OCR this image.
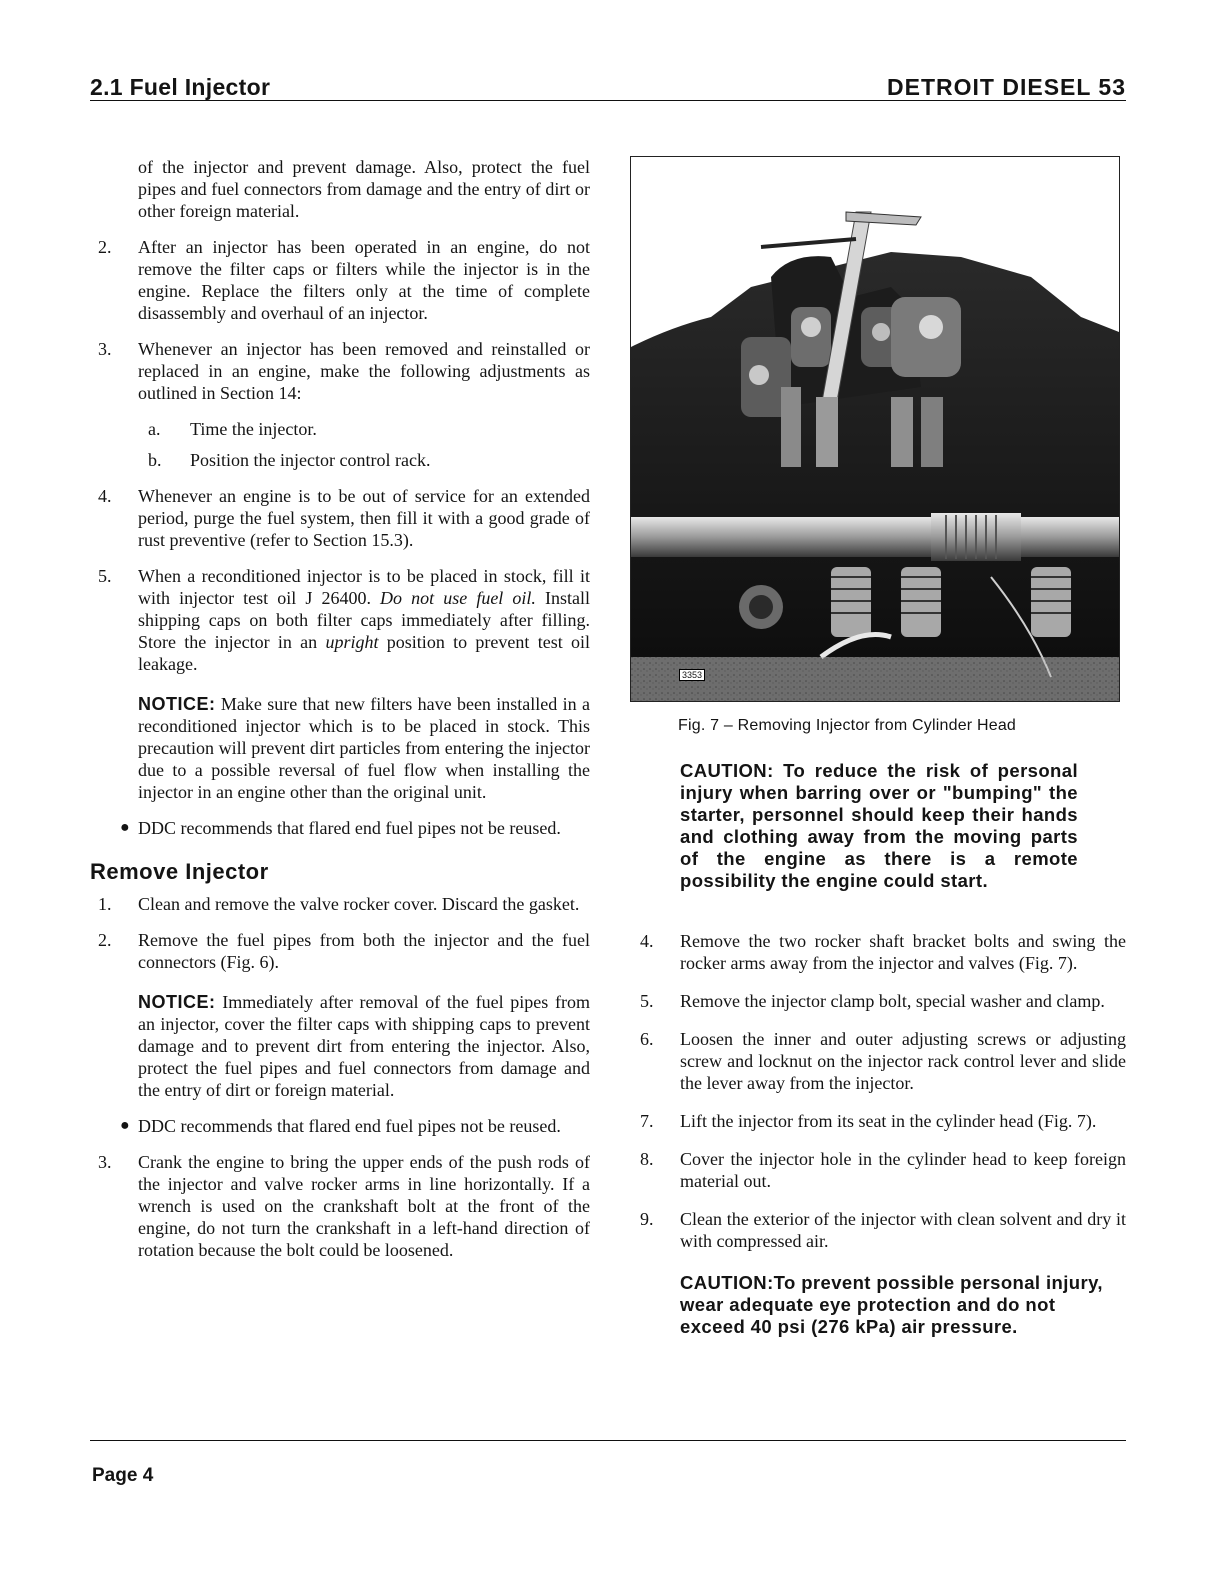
2.1 Fuel Injector	DETROIT DIESEL 53

of the injector and prevent damage. Also, protect the fuel pipes and fuel connectors from damage and the entry of dirt or other foreign material.

2. After an injector has been operated in an engine, do not remove the filter caps or filters while the injector is in the engine. Replace the filters only at the time of complete disassembly and overhaul of an injector.
3. Whenever an injector has been removed and reinstalled or replaced in an engine, make the following adjustments as outlined in Section 14:
a. Time the injector.
b. Position the injector control rack.
4. Whenever an engine is to be out of service for an extended period, purge the fuel system, then fill it with a good grade of rust preventive (refer to Section 15.3).
5. When a reconditioned injector is to be placed in stock, fill it with injector test oil J 26400. Do not use fuel oil. Install shipping caps on both filter caps immediately after filling. Store the injector in an upright position to prevent test oil leakage.
NOTICE: Make sure that new filters have been installed in a reconditioned injector which is to be placed in stock. This precaution will prevent dirt particles from entering the injector due to a possible reversal of fuel flow when installing the injector in an engine other than the original unit.
● DDC recommends that flared end fuel pipes not be reused.
Remove Injector
1. Clean and remove the valve rocker cover. Discard the gasket.
2. Remove the fuel pipes from both the injector and the fuel connectors (Fig. 6).
NOTICE: Immediately after removal of the fuel pipes from an injector, cover the filter caps with shipping caps to prevent damage and to prevent dirt from entering the injector. Also, protect the fuel pipes and fuel connectors from damage and the entry of dirt or foreign material.
● DDC recommends that flared end fuel pipes not be reused.
3. Crank the engine to bring the upper ends of the push rods of the injector and valve rocker arms in line horizontally. If a wrench is used on the crankshaft bolt at the front of the engine, do not turn the crankshaft in a left-hand direction of rotation because the bolt could be loosened.
3353
Fig. 7 – Removing Injector from Cylinder Head
CAUTION: To reduce the risk of personal injury when barring over or "bumping" the starter, personnel should keep their hands and clothing away from the moving parts of the engine as there is a remote possibility the engine could start.
4. Remove the two rocker shaft bracket bolts and swing the rocker arms away from the injector and valves (Fig. 7).
5. Remove the injector clamp bolt, special washer and clamp.
6. Loosen the inner and outer adjusting screws or adjusting screw and locknut on the injector rack control lever and slide the lever away from the injector.
7. Lift the injector from its seat in the cylinder head (Fig. 7).
8. Cover the injector hole in the cylinder head to keep foreign material out.
9. Clean the exterior of the injector with clean solvent and dry it with compressed air.
CAUTION:To prevent possible personal injury, wear adequate eye protection and do not exceed 40 psi (276 kPa) air pressure.
Page 4
